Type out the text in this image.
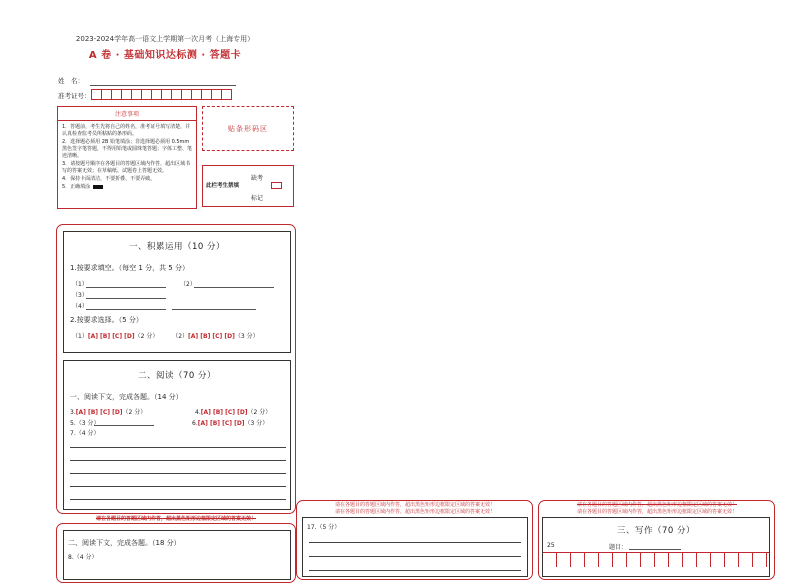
2023-2024学年高一语文上学期第一次月考（上海专用）
A 卷 · 基础知识达标测 · 答题卡
姓　名：
准考证号：
注意事项
1．答题前，考生先将自己的姓名，准考证号填写清楚，并认真检查监考员所粘贴的条形码。
2．选择题必须用 2B 铅笔填涂；非选择题必须用 0.5mm 黑色签字笔答题，不得用铅笔或圆珠笔答题；字体工整、笔迹清晰。
3．请按题号顺序在各题目的答题区域内作答，超出区域书写的答案无效；在草稿纸、试题卷上答题无效。
4．保持卡面清洁，不要折叠、不要弄破。
5．正确填涂
贴条形码区
缺考
此栏考生禁填
标记
一、积累运用（10 分）
1.按要求填空。（每空 1 分，共 5 分）
（1）	（2）
（3）
（4）
2.按要求选择。（5 分）
（1）[A] [B] [C] [D]（2 分） （2）[A] [B] [C] [D]（3 分）
二、阅读（70 分）
一、阅读下文，完成各题。（14 分）
3.[A] [B] [C] [D]（2 分）	4.[A] [B] [C] [D]（2 分）
5.（3 分）	6.[A] [B] [C] [D]（3 分）
7.（4 分）
请在各题目的答题区域内作答，超出黑色矩形边框限定区域的答案无效！
二、阅读下文，完成各题。（18 分）
8.（4 分）
请在各题目的答题区域内作答，超出黑色矩形边框限定区域的答案无效！
请在各题目的答题区域内作答，超出黑色矩形边框限定区域的答案无效！
17.（5 分）
请在各题目的答题区域内作答，超出黑色矩形边框限定区域的答案无效！
请在各题目的答题区域内作答，超出黑色矩形边框限定区域的答案无效！
三、写作（70 分）
25	题目：
